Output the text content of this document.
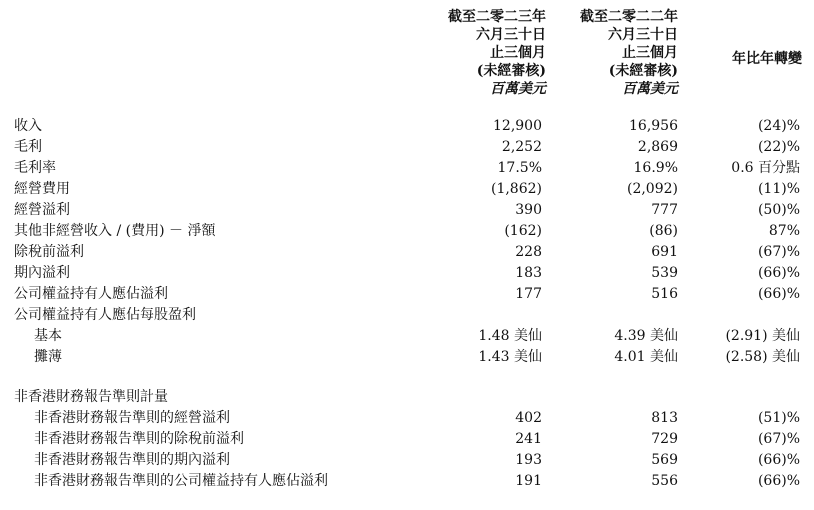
截至二零二三年
六月三十日
止三個月
(未經審核)
百萬美元
截至二零二二年
六月三十日
止三個月
(未經審核)
百萬美元
年比年轉變
收入	12,900	16,956	(24)%
毛利	2,252	2,869	(22)%
毛利率	17.5%	16.9%	0.6 百分點
經營費用	(1,862)	(2,092)	(11)%
經營溢利	390	777	(50)%
其他非經營收入 / (費用) － 淨額	(162)	(86)	87%
除稅前溢利	228	691	(67)%
期內溢利	183	539	(66)%
公司權益持有人應佔溢利	177	516	(66)%
公司權益持有人應佔每股盈利
基本	1.48 美仙	4.39 美仙	(2.91) 美仙
攤薄	1.43 美仙	4.01 美仙	(2.58) 美仙
非香港財務報告準則計量
非香港財務報告準則的經營溢利	402	813	(51)%
非香港財務報告準則的除稅前溢利	241	729	(67)%
非香港財務報告準則的期內溢利	193	569	(66)%
非香港財務報告準則的公司權益持有人應佔溢利	191	556	(66)%
